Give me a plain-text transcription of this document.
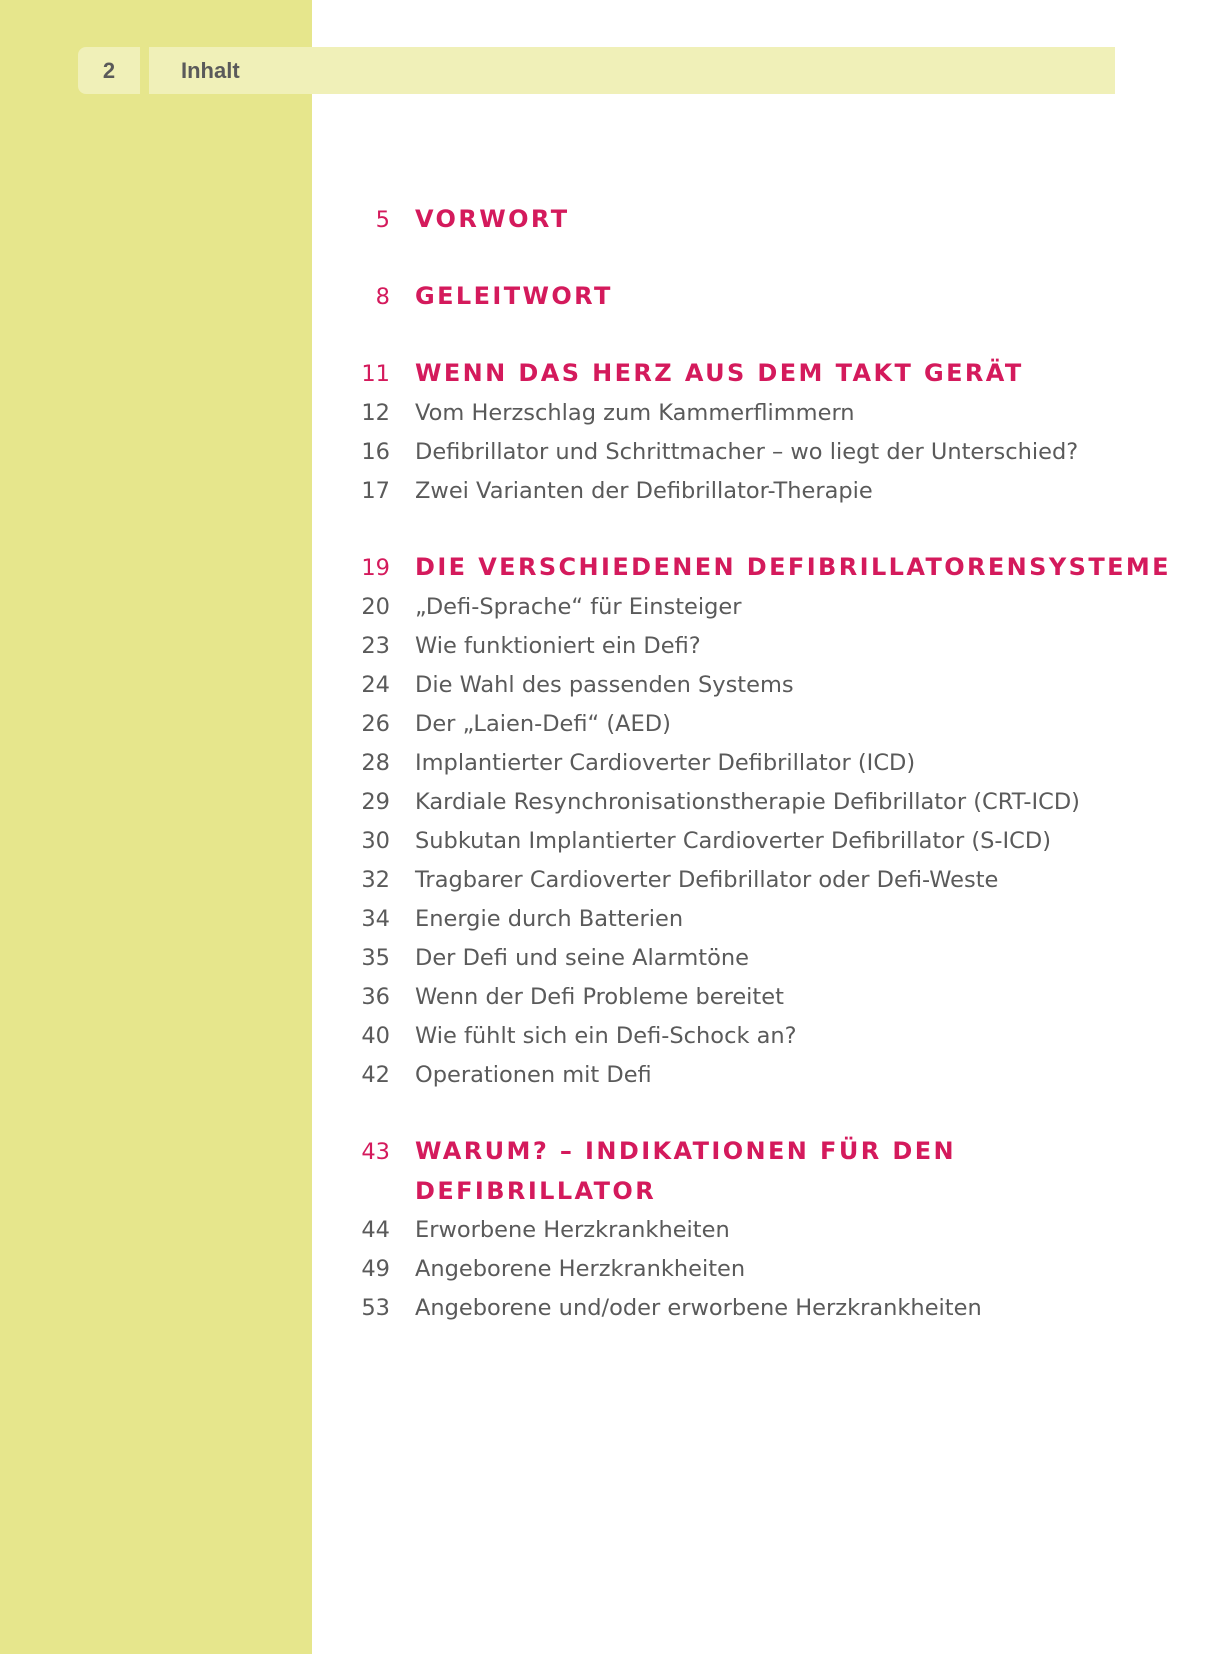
2	Inhalt
5 VORWORT
8 GELEITWORT
11 WENN DAS HERZ AUS DEM TAKT GERÄT
12 Vom Herzschlag zum Kammerflimmern
16 Defibrillator und Schrittmacher – wo liegt der Unterschied?
17 Zwei Varianten der Defibrillator-Therapie
19 DIE VERSCHIEDENEN DEFIBRILLATORENSYSTEME
20 „Defi-Sprache“ für Einsteiger
23 Wie funktioniert ein Defi?
24 Die Wahl des passenden Systems
26 Der „Laien-Defi“ (AED)
28 Implantierter Cardioverter Defibrillator (ICD)
29 Kardiale Resynchronisationstherapie Defibrillator (CRT-ICD)
30 Subkutan Implantierter Cardioverter Defibrillator (S-ICD)
32 Tragbarer Cardioverter Defibrillator oder Defi-Weste
34 Energie durch Batterien
35 Der Defi und seine Alarmtöne
36 Wenn der Defi Probleme bereitet
40 Wie fühlt sich ein Defi-Schock an?
42 Operationen mit Defi
43 WARUM? – INDIKATIONEN FÜR DEN
DEFIBRILLATOR
44 Erworbene Herzkrankheiten
49 Angeborene Herzkrankheiten
53 Angeborene und/oder erworbene Herzkrankheiten
